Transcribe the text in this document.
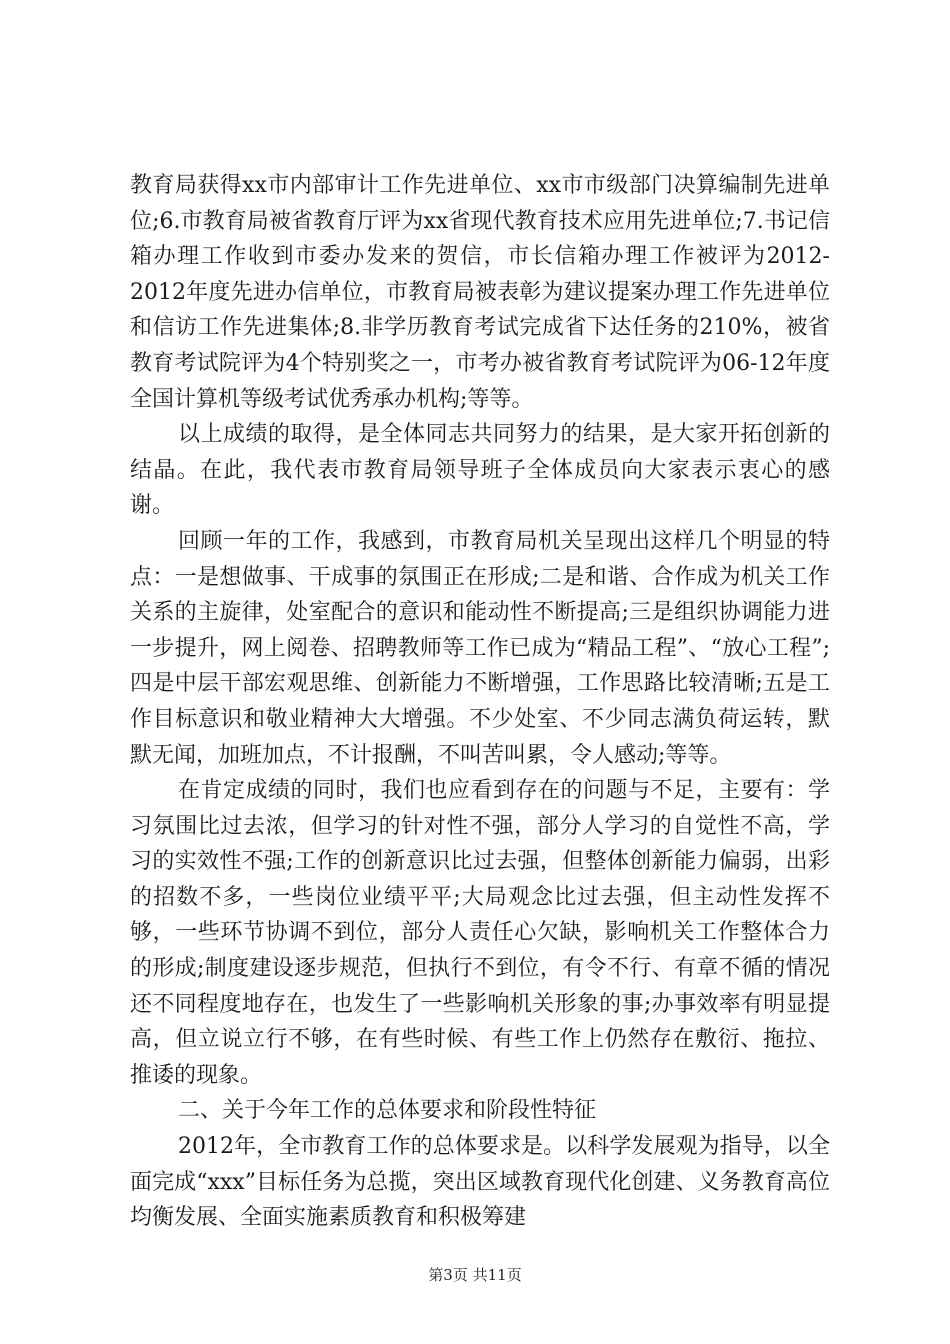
教育局获得xx市内部审计工作先进单位、xx市市级部门决算编制先进单位;6.市教育局被省教育厅评为xx省现代教育技术应用先进单位;7.书记信箱办理工作收到市委办发来的贺信，市长信箱办理工作被评为2012-2012年度先进办信单位，市教育局被表彰为建议提案办理工作先进单位和信访工作先进集体;8.非学历教育考试完成省下达任务的210%，被省教育考试院评为4个特别奖之一，市考办被省教育考试院评为06-12年度全国计算机等级考试优秀承办机构;等等。

以上成绩的取得，是全体同志共同努力的结果，是大家开拓创新的结晶。在此，我代表市教育局领导班子全体成员向大家表示衷心的感谢。

回顾一年的工作，我感到，市教育局机关呈现出这样几个明显的特点：一是想做事、干成事的氛围正在形成;二是和谐、合作成为机关工作关系的主旋律，处室配合的意识和能动性不断提高;三是组织协调能力进一步提升，网上阅卷、招聘教师等工作已成为“精品工程”、“放心工程”;四是中层干部宏观思维、创新能力不断增强，工作思路比较清晰;五是工作目标意识和敬业精神大大增强。不少处室、不少同志满负荷运转，默默无闻，加班加点，不计报酬，不叫苦叫累，令人感动;等等。

在肯定成绩的同时，我们也应看到存在的问题与不足，主要有：学习氛围比过去浓，但学习的针对性不强，部分人学习的自觉性不高，学习的实效性不强;工作的创新意识比过去强，但整体创新能力偏弱，出彩的招数不多，一些岗位业绩平平;大局观念比过去强，但主动性发挥不够，一些环节协调不到位，部分人责任心欠缺，影响机关工作整体合力的形成;制度建设逐步规范，但执行不到位，有令不行、有章不循的情况还不同程度地存在，也发生了一些影响机关形象的事;办事效率有明显提高，但立说立行不够，在有些时候、有些工作上仍然存在敷衍、拖拉、推诿的现象。

二、关于今年工作的总体要求和阶段性特征

2012年，全市教育工作的总体要求是。以科学发展观为指导，以全面完成“xxx”目标任务为总揽，突出区域教育现代化创建、义务教育高位均衡发展、全面实施素质教育和积极筹建

第3页 共11页
